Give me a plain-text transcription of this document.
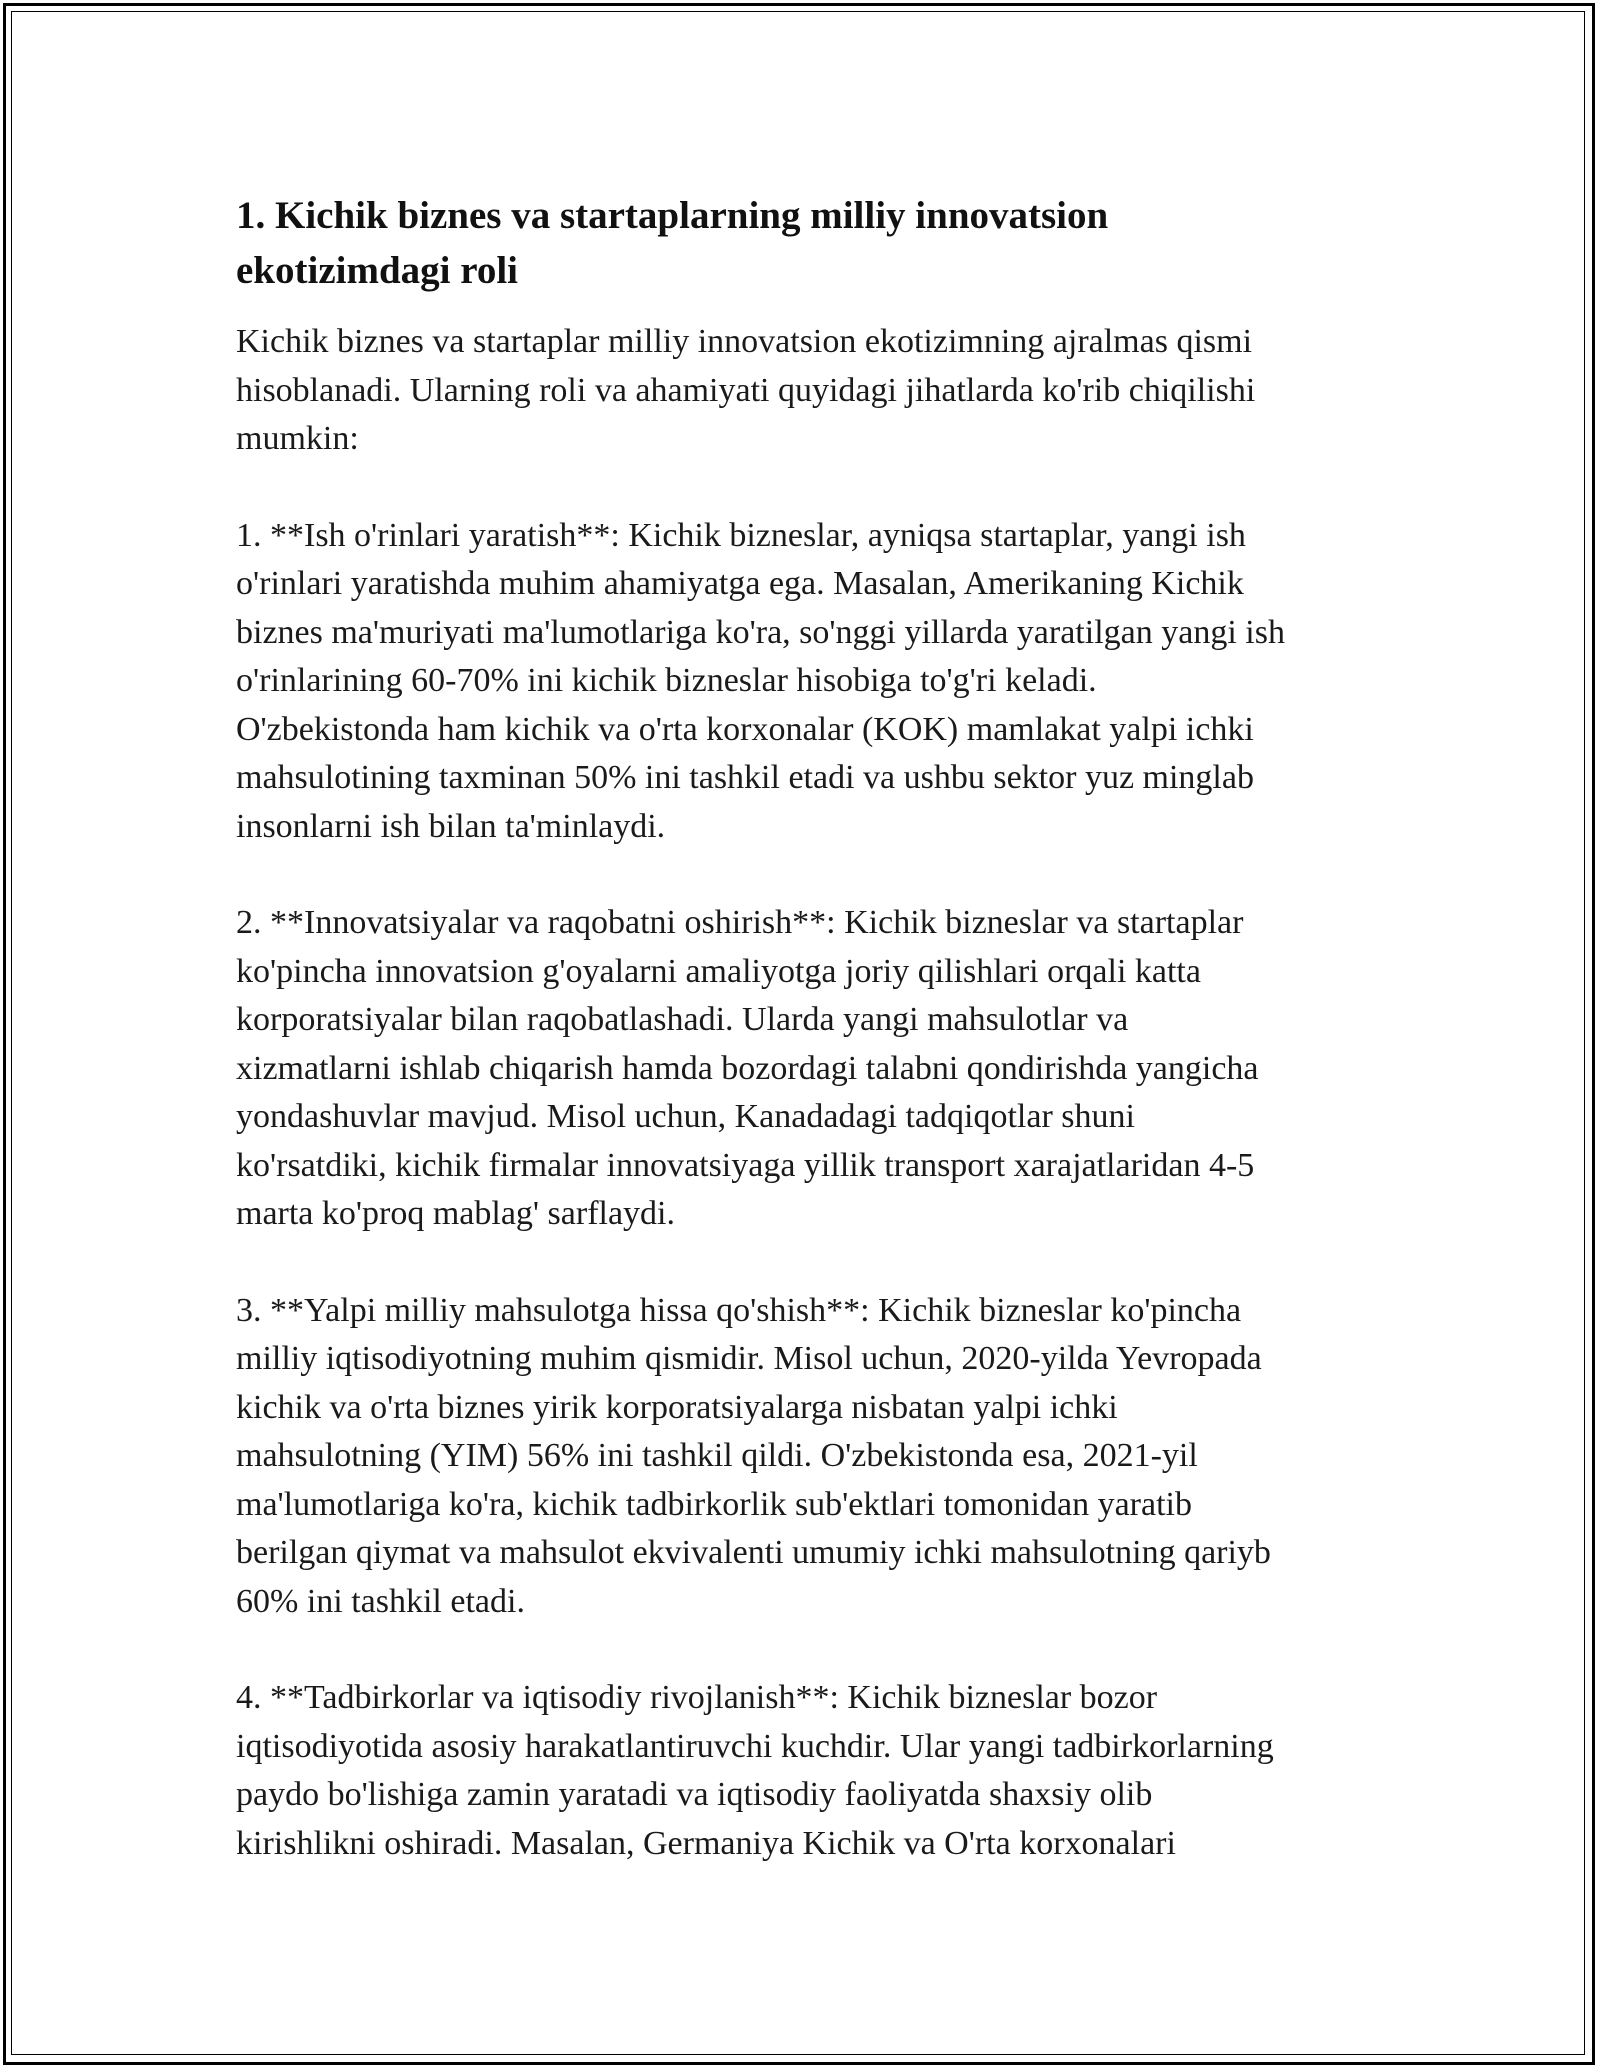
1. Kichik biznes va startaplarning milliy innovatsion
ekotizimdagi roli
Kichik biznes va startaplar milliy innovatsion ekotizimning ajralmas qismi
hisoblanadi. Ularning roli va ahamiyati quyidagi jihatlarda ko'rib chiqilishi
mumkin:
1. **Ish o'rinlari yaratish**: Kichik bizneslar, ayniqsa startaplar, yangi ish
o'rinlari yaratishda muhim ahamiyatga ega. Masalan, Amerikaning Kichik
biznes ma'muriyati ma'lumotlariga ko'ra, so'nggi yillarda yaratilgan yangi ish
o'rinlarining 60-70% ini kichik bizneslar hisobiga to'g'ri keladi.
O'zbekistonda ham kichik va o'rta korxonalar (KOK) mamlakat yalpi ichki
mahsulotining taxminan 50% ini tashkil etadi va ushbu sektor yuz minglab
insonlarni ish bilan ta'minlaydi.
2. **Innovatsiyalar va raqobatni oshirish**: Kichik bizneslar va startaplar
ko'pincha innovatsion g'oyalarni amaliyotga joriy qilishlari orqali katta
korporatsiyalar bilan raqobatlashadi. Ularda yangi mahsulotlar va
xizmatlarni ishlab chiqarish hamda bozordagi talabni qondirishda yangicha
yondashuvlar mavjud. Misol uchun, Kanadadagi tadqiqotlar shuni
ko'rsatdiki, kichik firmalar innovatsiyaga yillik transport xarajatlaridan 4-5
marta ko'proq mablag' sarflaydi.
3. **Yalpi milliy mahsulotga hissa qo'shish**: Kichik bizneslar ko'pincha
milliy iqtisodiyotning muhim qismidir. Misol uchun, 2020-yilda Yevropada
kichik va o'rta biznes yirik korporatsiyalarga nisbatan yalpi ichki
mahsulotning (YIM) 56% ini tashkil qildi. O'zbekistonda esa, 2021-yil
ma'lumotlariga ko'ra, kichik tadbirkorlik sub'ektlari tomonidan yaratib
berilgan qiymat va mahsulot ekvivalenti umumiy ichki mahsulotning qariyb
60% ini tashkil etadi.
4. **Tadbirkorlar va iqtisodiy rivojlanish**: Kichik bizneslar bozor
iqtisodiyotida asosiy harakatlantiruvchi kuchdir. Ular yangi tadbirkorlarning
paydo bo'lishiga zamin yaratadi va iqtisodiy faoliyatda shaxsiy olib
kirishlikni oshiradi. Masalan, Germaniya Kichik va O'rta korxonalari
